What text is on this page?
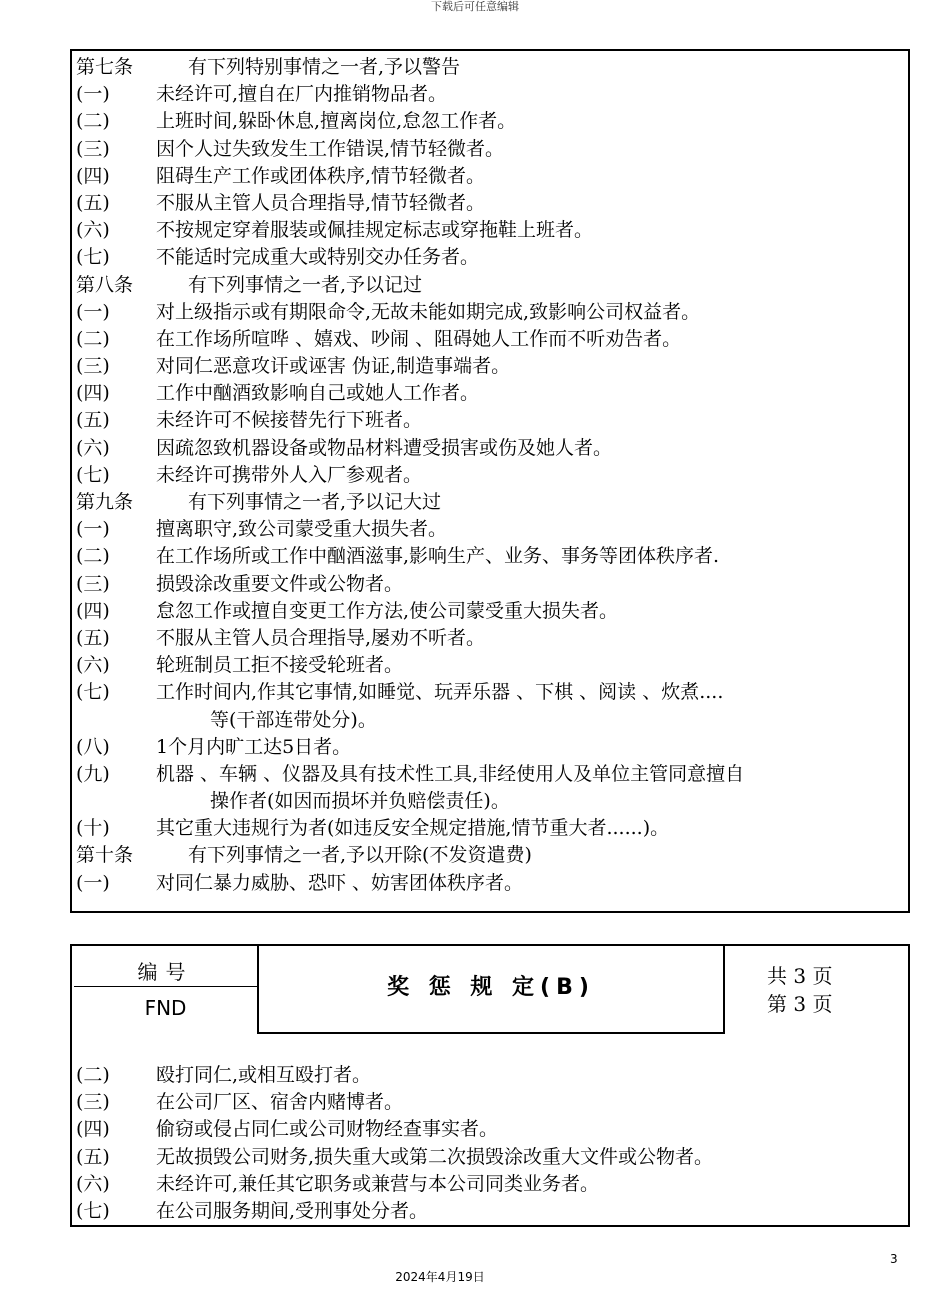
下载后可任意编辑
第七条	有下列特别事情之一者,予以警告
(一) 未经许可,擅自在厂内推销物品者。
(二) 上班时间,躲卧休息,擅离岗位,怠忽工作者。
(三) 因个人过失致发生工作错误,情节轻微者。
(四) 阻碍生产工作或团体秩序,情节轻微者。
(五) 不服从主管人员合理指导,情节轻微者。
(六) 不按规定穿着服装或佩挂规定标志或穿拖鞋上班者。
(七) 不能适时完成重大或特别交办任务者。
第八条	有下列事情之一者,予以记过
(一) 对上级指示或有期限命令,无故未能如期完成,致影响公司权益者。
(二) 在工作场所喧哗 、嬉戏、吵闹 、阻碍她人工作而不听劝告者。
(三) 对同仁恶意攻讦或诬害 伪证,制造事端者。
(四) 工作中酗酒致影响自己或她人工作者。
(五) 未经许可不候接替先行下班者。
(六) 因疏忽致机器设备或物品材料遭受损害或伤及她人者。
(七) 未经许可携带外人入厂参观者。
第九条	有下列事情之一者,予以记大过
(一) 擅离职守,致公司蒙受重大损失者。
(二) 在工作场所或工作中酗酒滋事,影响生产、业务、事务等团体秩序者.
(三) 损毁涂改重要文件或公物者。
(四) 怠忽工作或擅自变更工作方法,使公司蒙受重大损失者。
(五) 不服从主管人员合理指导,屡劝不听者。
(六) 轮班制员工拒不接受轮班者。
(七) 工作时间内,作其它事情,如睡觉、玩弄乐器 、下棋 、阅读 、炊煮....
等(干部连带处分)。
(八) 1个月内旷工达5日者。
(九) 机器 、车辆 、仪器及具有技术性工具,非经使用人及单位主管同意擅自
操作者(如因而损坏并负赔偿责任)。
(十) 其它重大违规行为者(如违反安全规定措施,情节重大者......)。
第十条	有下列事情之一者,予以开除(不发资遣费)
(一) 对同仁暴力威胁、恐吓 、妨害团体秩序者。
编号
FND
奖 惩 规 定(B)	共 3 页
第 3 页
(二) 殴打同仁,或相互殴打者。
(三) 在公司厂区、宿舍内赌博者。
(四) 偷窃或侵占同仁或公司财物经查事实者。
(五) 无故损毁公司财务,损失重大或第二次损毁涂改重大文件或公物者。
(六) 未经许可,兼任其它职务或兼营与本公司同类业务者。
(七) 在公司服务期间,受刑事处分者。
3
2024年4月19日
